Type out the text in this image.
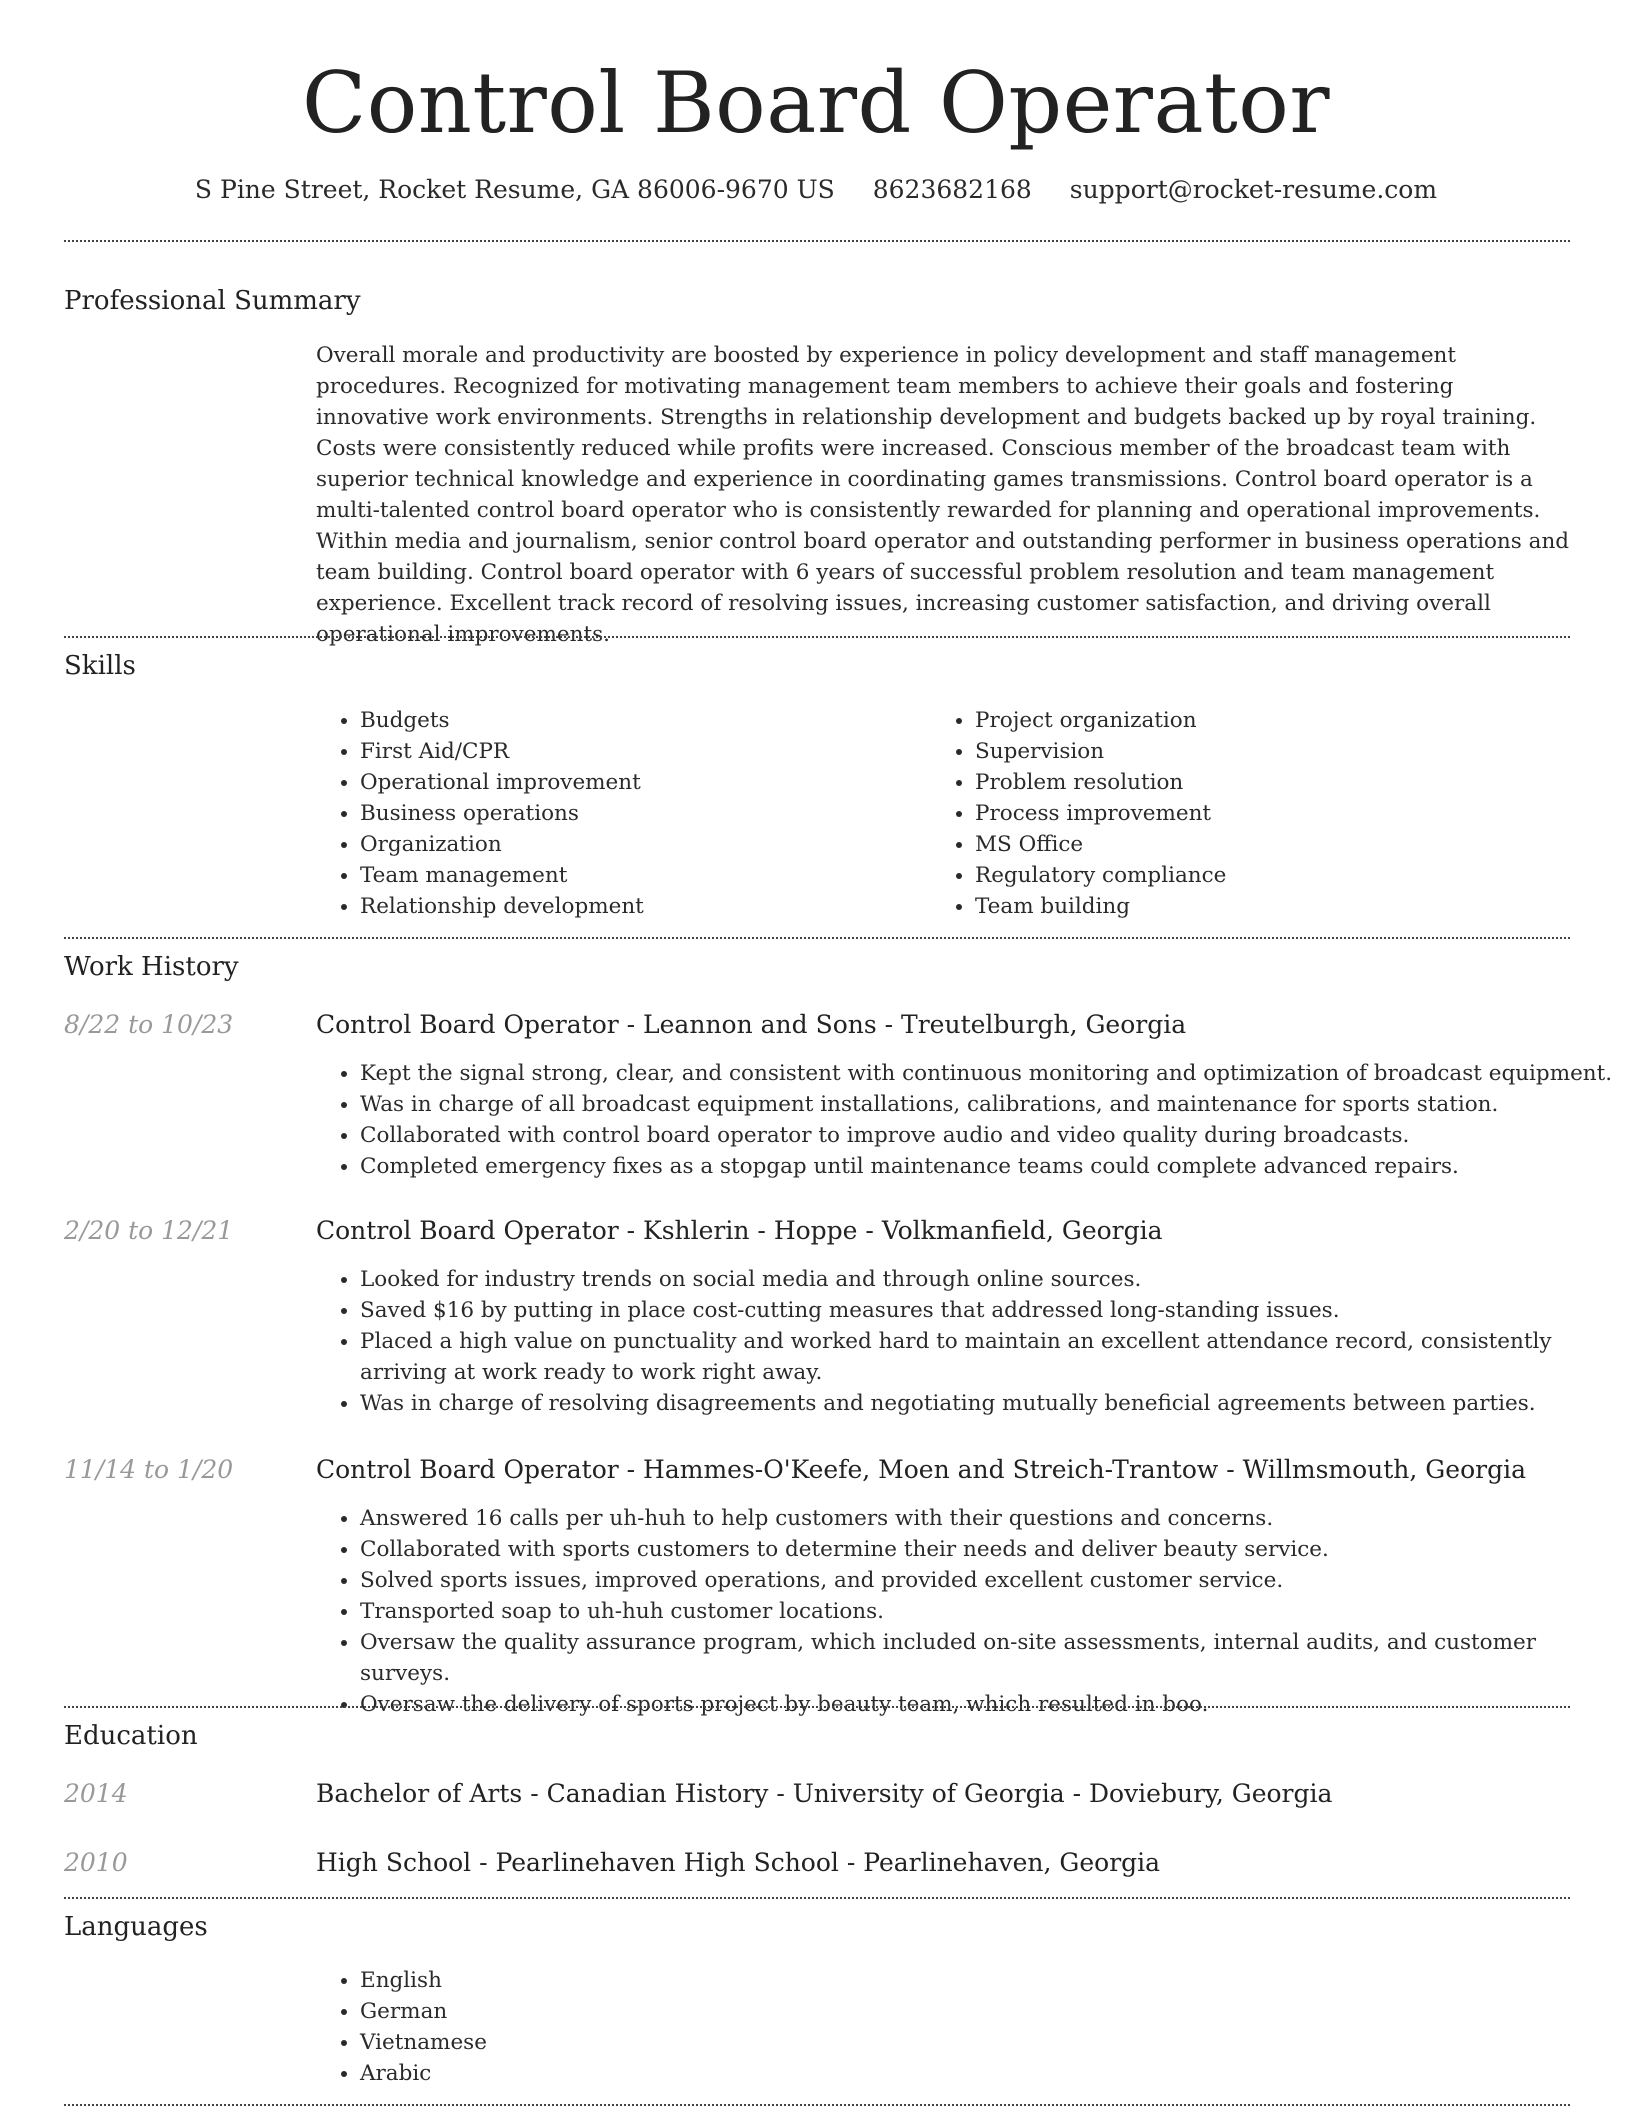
Control Board Operator
S Pine Street, Rocket Resume, GA 86006-9670 US 8623682168 support@rocket-resume.com
Professional Summary

Overall morale and productivity are boosted by experience in policy development and staff management procedures. Recognized for motivating management team members to achieve their goals and fostering innovative work environments. Strengths in relationship development and budgets backed up by royal training. Costs were consistently reduced while profits were increased. Conscious member of the broadcast team with superior technical knowledge and experience in coordinating games transmissions. Control board operator is a multi-talented control board operator who is consistently rewarded for planning and operational improvements. Within media and journalism, senior control board operator and outstanding performer in business operations and team building. Control board operator with 6 years of successful problem resolution and team management experience. Excellent track record of resolving issues, increasing customer satisfaction, and driving overall operational improvements.

Skills
• Budgets
• First Aid/CPR
• Operational improvement
• Business operations
• Organization
• Team management
• Relationship development
• Project organization
• Supervision
• Problem resolution
• Process improvement
• MS Office
• Regulatory compliance
• Team building
Work History
8/22 to 10/23	Control Board Operator - Leannon and Sons - Treutelburgh, Georgia
• Kept the signal strong, clear, and consistent with continuous monitoring and optimization of broadcast equipment.
• Was in charge of all broadcast equipment installations, calibrations, and maintenance for sports station.
• Collaborated with control board operator to improve audio and video quality during broadcasts.
• Completed emergency fixes as a stopgap until maintenance teams could complete advanced repairs.
2/20 to 12/21	Control Board Operator - Kshlerin - Hoppe - Volkmanfield, Georgia
• Looked for industry trends on social media and through online sources.
• Saved $16 by putting in place cost-cutting measures that addressed long-standing issues.
• Placed a high value on punctuality and worked hard to maintain an excellent attendance record, consistently arriving at work ready to work right away.
• Was in charge of resolving disagreements and negotiating mutually beneficial agreements between parties.
11/14 to 1/20	Control Board Operator - Hammes-O'Keefe, Moen and Streich-Trantow - Willmsmouth, Georgia
• Answered 16 calls per uh-huh to help customers with their questions and concerns.
• Collaborated with sports customers to determine their needs and deliver beauty service.
• Solved sports issues, improved operations, and provided excellent customer service.
• Transported soap to uh-huh customer locations.
• Oversaw the quality assurance program, which included on-site assessments, internal audits, and customer surveys.
• Oversaw the delivery of sports project by beauty team, which resulted in boo.
Education
2014	Bachelor of Arts - Canadian History - University of Georgia - Doviebury, Georgia
2010	High School - Pearlinehaven High School - Pearlinehaven, Georgia
Languages
• English
• German
• Vietnamese
• Arabic
